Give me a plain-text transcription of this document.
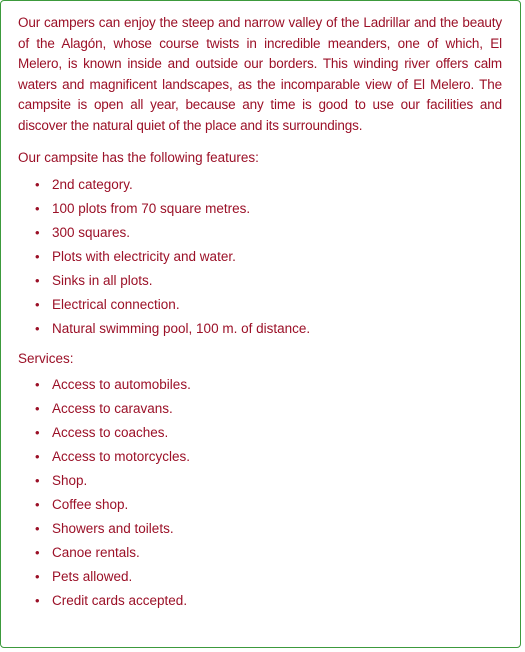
Our campers can enjoy the steep and narrow valley of the Ladrillar and the beauty of the Alagón, whose course twists in incredible meanders, one of which, El Melero, is known inside and outside our borders. This winding river offers calm waters and magnificent landscapes, as the incomparable view of El Melero. The campsite is open all year, because any time is good to use our facilities and discover the natural quiet of the place and its surroundings.

Our campsite has the following features:
• 2nd category.
• 100 plots from 70 square metres.
• 300 squares.
• Plots with electricity and water.
• Sinks in all plots.
• Electrical connection.
• Natural swimming pool, 100 m. of distance.
Services:
• Access to automobiles.
• Access to caravans.
• Access to coaches.
• Access to motorcycles.
• Shop.
• Coffee shop.
• Showers and toilets.
• Canoe rentals.
• Pets allowed.
• Credit cards accepted.
